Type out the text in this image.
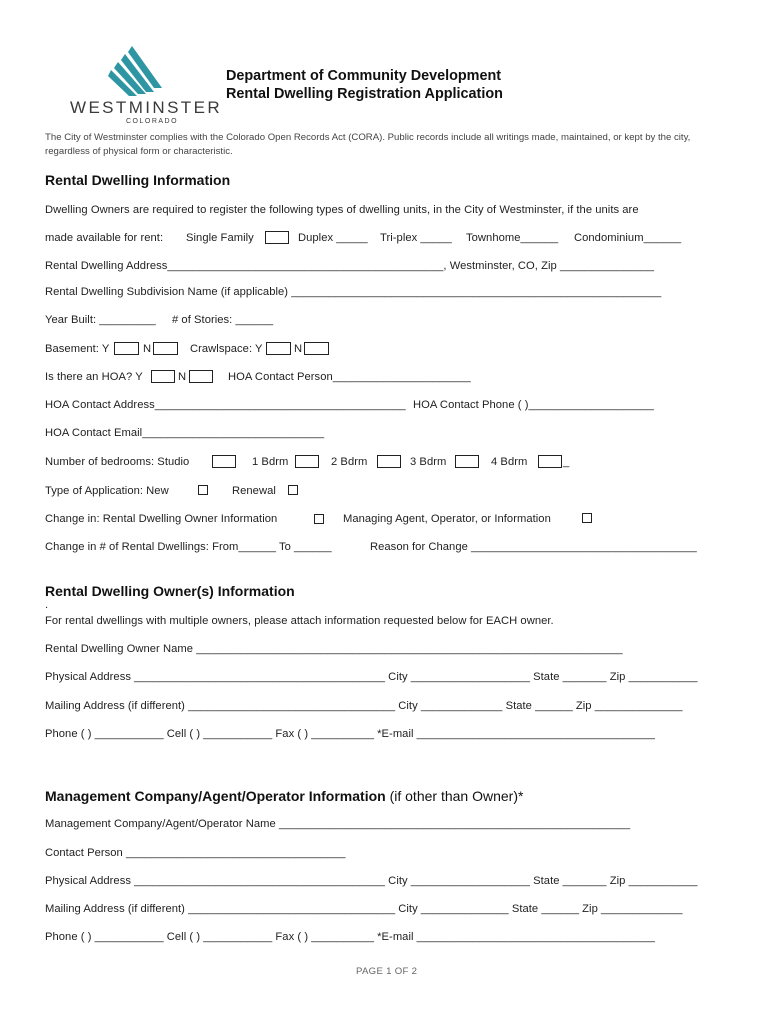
WESTMINSTER
COLORADO
Department of Community Development
Rental Dwelling Registration Application
The City of Westminster complies with the Colorado Open Records Act (CORA). Public records include all writings made, maintained, or kept by the city, regardless of physical form or characteristic.
Rental Dwelling Information
Dwelling Owners are required to register the following types of dwelling units, in the City of Westminster, if the units are
made available for rent: Single Family	Duplex _____ Tri-plex _____ Townhome______ Condominium______
Rental Dwelling Address____________________________________________, Westminster, CO, Zip _______________
Rental Dwelling Subdivision Name (if applicable) ___________________________________________________________
Year Built: _________ # of Stories: ______
Basement: Y	N	Crawlspace: Y	N
Is there an HOA? Y	N	HOA Contact Person______________________
HOA Contact Address________________________________________ HOA Contact Phone ( )____________________
HOA Contact Email_____________________________
Number of bedrooms: Studio	1 Bdrm	2 Bdrm	3 Bdrm	4 Bdrm	_
Type of Application: New	Renewal
Change in: Rental Dwelling Owner Information	Managing Agent, Operator, or Information
Change in # of Rental Dwellings: From______ To ______	Reason for Change ____________________________________
Rental Dwelling Owner(s) Information
.
For rental dwellings with multiple owners, please attach information requested below for EACH owner.
Rental Dwelling Owner Name ____________________________________________________________________
Physical Address ________________________________________ City ___________________ State _______ Zip ___________
Mailing Address (if different) _________________________________ City _____________ State ______ Zip ______________
Phone ( ) ___________ Cell ( ) ___________ Fax ( ) __________ *E-mail ______________________________________
Management Company/Agent/Operator Information (if other than Owner)*
Management Company/Agent/Operator Name ________________________________________________________
Contact Person ___________________________________
Physical Address ________________________________________ City ___________________ State _______ Zip ___________
Mailing Address (if different) _________________________________ City ______________ State ______ Zip _____________
Phone ( ) ___________ Cell ( ) ___________ Fax ( ) __________ *E-mail ______________________________________
PAGE 1 OF 2
